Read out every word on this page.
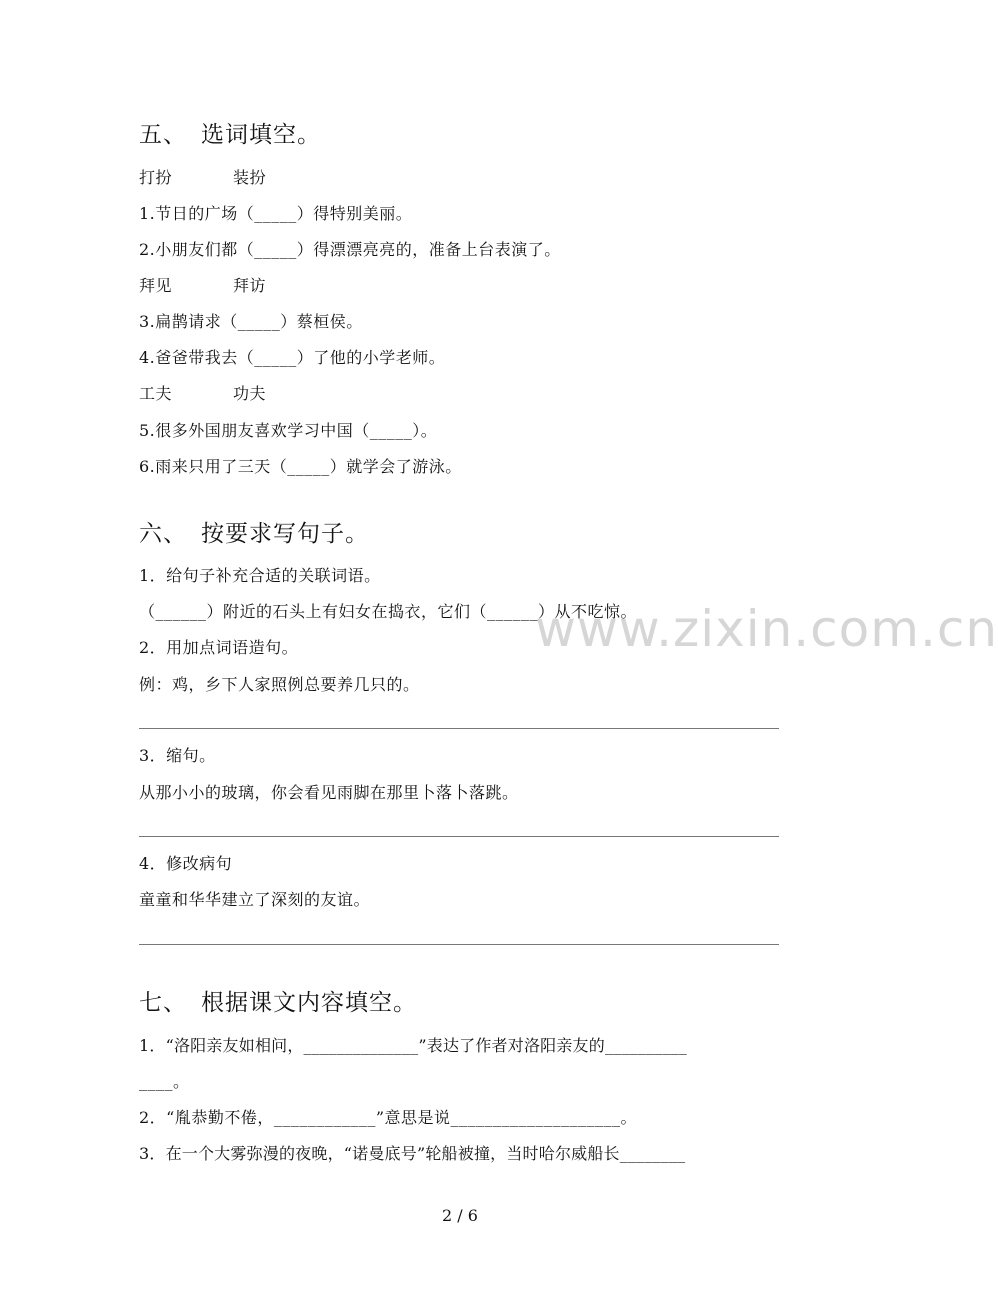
五、 选词填空。
打扮	装扮
1.节日的广场（_____）得特别美丽。
2.小朋友们都（_____）得漂漂亮亮的，准备上台表演了。
拜见	拜访
3.扁鹊请求（_____）蔡桓侯。
4.爸爸带我去（_____）了他的小学老师。
工夫	功夫
5.很多外国朋友喜欢学习中国（_____）。
6.雨来只用了三天（_____）就学会了游泳。
六、 按要求写句子。
1．给句子补充合适的关联词语。
（______）附近的石头上有妇女在捣衣，它们（______）从不吃惊。
2．用加点词语造句。
例：鸡，乡下人家照例总要养几只的。
3．缩句。
从那小小的玻璃，你会看见雨脚在那里卜落卜落跳。
4．修改病句
童童和华华建立了深刻的友谊。
七、 根据课文内容填空。
1．“洛阳亲友如相问，______________”表达了作者对洛阳亲友的__________
____。
2．“胤恭勤不倦，____________”意思是说____________________。
3．在一个大雾弥漫的夜晚，“诺曼底号”轮船被撞，当时哈尔威船长________
www.zixin.com.cn
2 / 6
